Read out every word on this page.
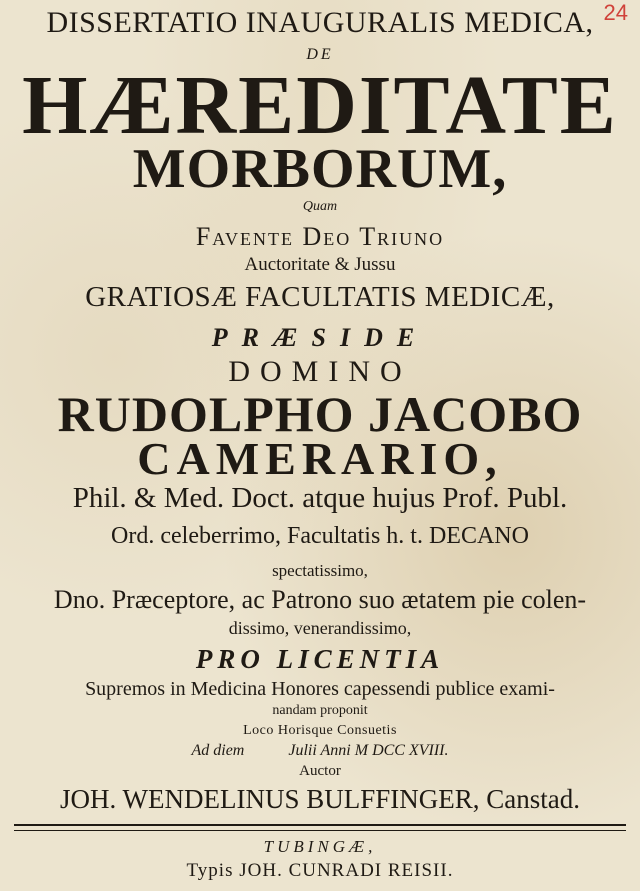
24
DISSERTATIO INAUGURALIS MEDICA,
DE
HÆREDITATE
MORBORUM,
Quam
Favente Deo Triuno
Auctoritate & Jussu
GRATIOSÆ FACULTATIS MEDICÆ,
PRÆSIDE
DOMINO
RUDOLPHO JACOBO
CAMERARIO,
Phil. & Med. Doct. atque hujus Prof. Publ.
Ord. celeberrimo, Facultatis h. t. DECANO
spectatissimo,
Dno. Præceptore, ac Patrono suo ætatem pie colen-
dissimo, venerandissimo,
PRO LICENTIA
Supremos in Medicina Honores capessendi publice exami-
nandam proponit
Loco Horisque Consuetis
Ad diem	Julii Anni M DCC XVIII.
Auctor
JOH. WENDELINUS BULFFINGER, Canstad.
TUBINGÆ,
Typis JOH. CUNRADI REISII.
